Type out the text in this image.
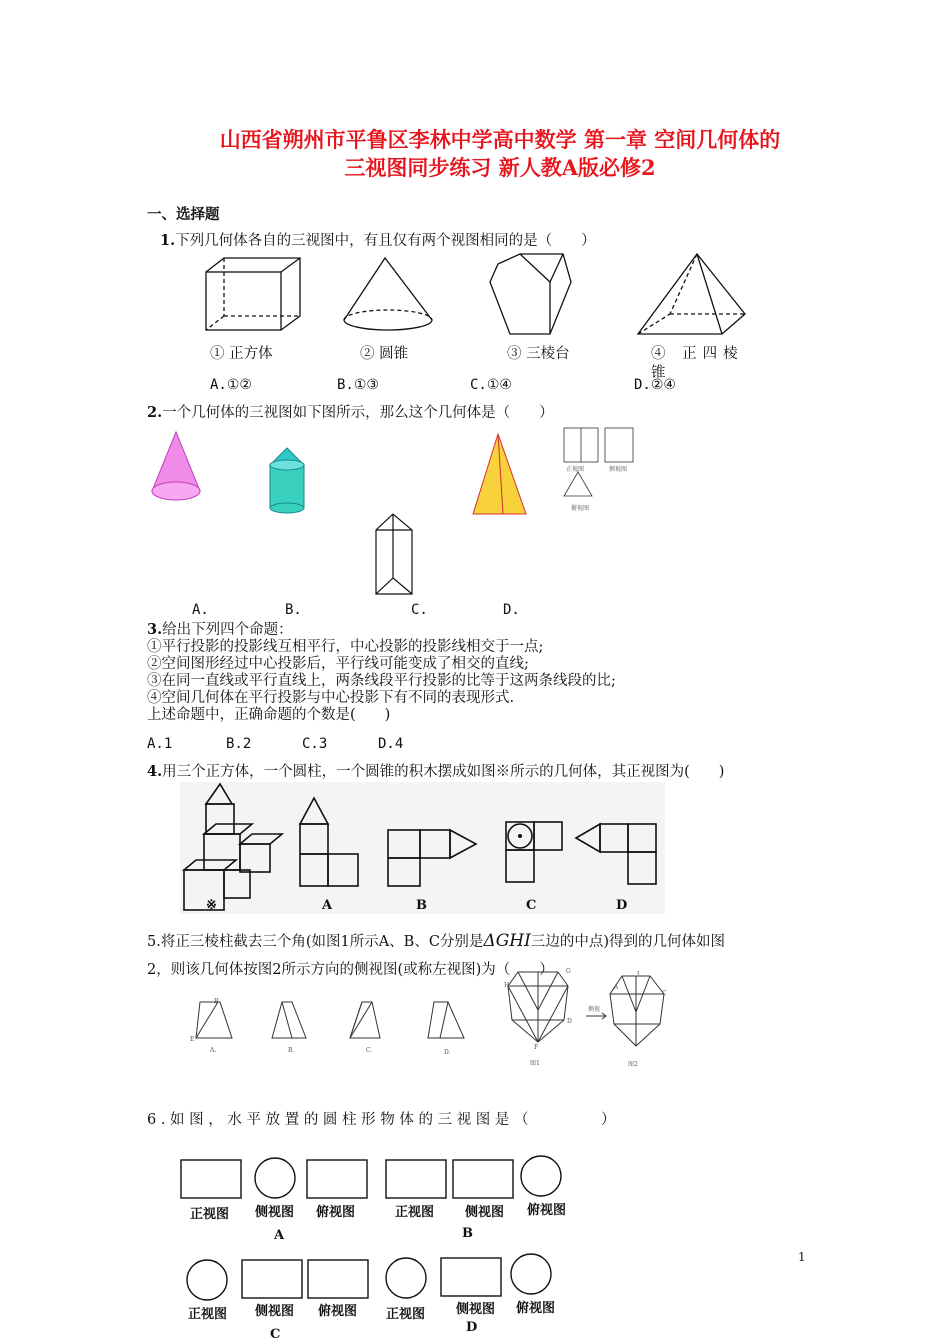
山西省朔州市平鲁区李林中学高中数学 第一章 空间几何体的
三视图同步练习 新人教A版必修2
一、选择题
1.下列几何体各自的三视图中，有且仅有两个视图相同的是（　　）
① 正方体	② 圆锥	③ 三棱台	④ 正四棱
锥
A.①②	B.①③	C.①④	D.②④
2.一个几何体的三视图如下图所示，那么这个几何体是（　　）
正视图	侧视图
俯视图
A.	B.	C.	D.
3.给出下列四个命题：
①平行投影的投影线互相平行，中心投影的投影线相交于一点;
②空间图形经过中心投影后，平行线可能变成了相交的直线;
③在同一直线或平行直线上，两条线段平行投影的比等于这两条线段的比;
④空间几何体在平行投影与中心投影下有不同的表现形式.
上述命题中，正确命题的个数是(　　)
A.1	B.2	C.3	D.4
4.用三个正方体，一个圆柱，一个圆锥的积木摆成如图※所示的几何体，其正视图为(　　)
※	A	B	C	D
5.将正三棱柱截去三个角(如图1所示A、B、C分别是ΔGHI三边的中点)得到的几何体如图
2，则该几何体按图2所示方向的侧视图(或称左视图)为（　　）
A.	B.	C.	D.
图1	图2
侧视
B
E
G
H
I
A
C
D
F
6 . 如 图 ， 水 平 放 置 的 圆 柱 形 物 体 的 三 视 图 是 （　　　　　）
正视图 侧视图 俯视图	正视图 侧视图 俯视图
A	B
正视图 侧视图 俯视图 正视图 侧视图 俯视图
C	D
1
